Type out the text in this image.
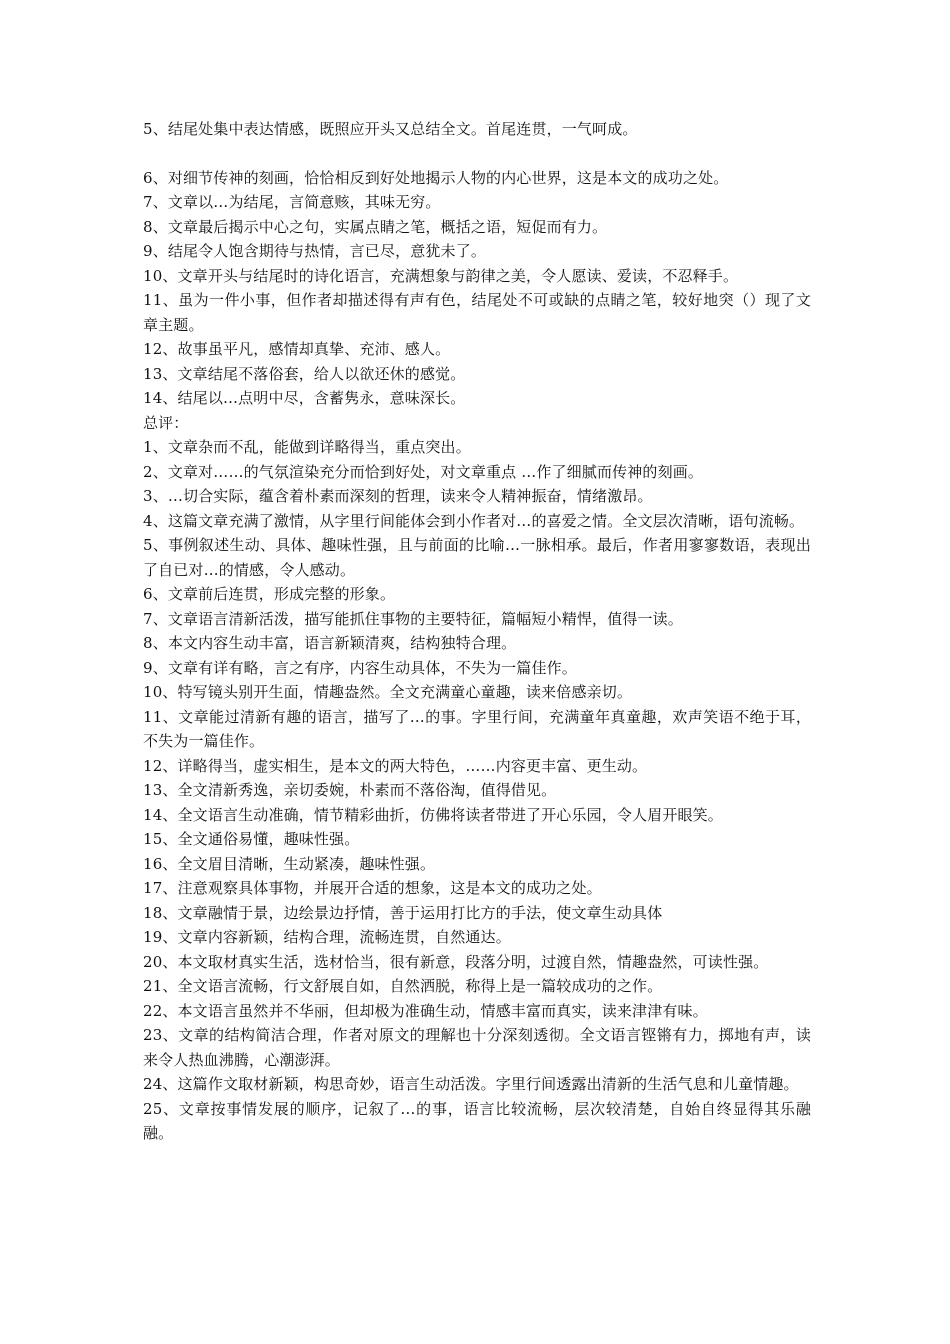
5、结尾处集中表达情感，既照应开头又总结全文。首尾连贯，一气呵成。

6、对细节传神的刻画，恰恰相反到好处地揭示人物的内心世界，这是本文的成功之处。

7、文章以…为结尾，言简意赅，其味无穷。

8、文章最后揭示中心之句，实属点睛之笔，概括之语，短促而有力。

9、结尾令人饱含期待与热情，言已尽，意犹未了。

10、文章开头与结尾时的诗化语言，充满想象与韵律之美，令人愿读、爱读，不忍释手。

11、虽为一件小事，但作者却描述得有声有色，结尾处不可或缺的点睛之笔，较好地突（）现了文章主题。

12、故事虽平凡，感情却真挚、充沛、感人。

13、文章结尾不落俗套，给人以欲还休的感觉。

14、结尾以…点明中尽，含蓄隽永，意味深长。

总评：

1、文章杂而不乱，能做到详略得当，重点突出。

2、文章对……的气氛渲染充分而恰到好处，对文章重点 …作了细腻而传神的刻画。

3、…切合实际，蕴含着朴素而深刻的哲理，读来令人精神振奋，情绪激昂。

4、这篇文章充满了激情，从字里行间能体会到小作者对…的喜爱之情。全文层次清晰，语句流畅。

5、事例叙述生动、具体、趣味性强，且与前面的比喻…一脉相承。最后，作者用寥寥数语，表现出了自已对…的情感，令人感动。

6、文章前后连贯，形成完整的形象。

7、文章语言清新活泼，描写能抓住事物的主要特征，篇幅短小精悍，值得一读。

8、本文内容生动丰富，语言新颖清爽，结构独特合理。

9、文章有详有略，言之有序，内容生动具体，不失为一篇佳作。

10、特写镜头别开生面，情趣盎然。全文充满童心童趣，读来倍感亲切。

11、文章能过清新有趣的语言，描写了…的事。字里行间，充满童年真童趣，欢声笑语不绝于耳，不失为一篇佳作。

12、详略得当，虚实相生，是本文的两大特色，……内容更丰富、更生动。

13、全文清新秀逸，亲切委婉，朴素而不落俗淘，值得借见。

14、全文语言生动准确，情节精彩曲折，仿佛将读者带进了开心乐园，令人眉开眼笑。

15、全文通俗易懂，趣味性强。

16、全文眉目清晰，生动紧凑，趣味性强。

17、注意观察具体事物，并展开合适的想象，这是本文的成功之处。

18、文章融情于景，边绘景边抒情，善于运用打比方的手法，使文章生动具体

19、文章内容新颖，结构合理，流畅连贯，自然通达。

20、本文取材真实生活，选材恰当，很有新意，段落分明，过渡自然，情趣盎然，可读性强。

21、全文语言流畅，行文舒展自如，自然洒脱，称得上是一篇较成功的之作。

22、本文语言虽然并不华丽，但却极为准确生动，情感丰富而真实，读来津津有味。

23、文章的结构简洁合理，作者对原文的理解也十分深刻透彻。全文语言铿锵有力，掷地有声，读来令人热血沸腾，心潮澎湃。

24、这篇作文取材新颖，构思奇妙，语言生动活泼。字里行间透露出清新的生活气息和儿童情趣。

25、文章按事情发展的顺序，记叙了…的事，语言比较流畅，层次较清楚，自始自终显得其乐融融。
